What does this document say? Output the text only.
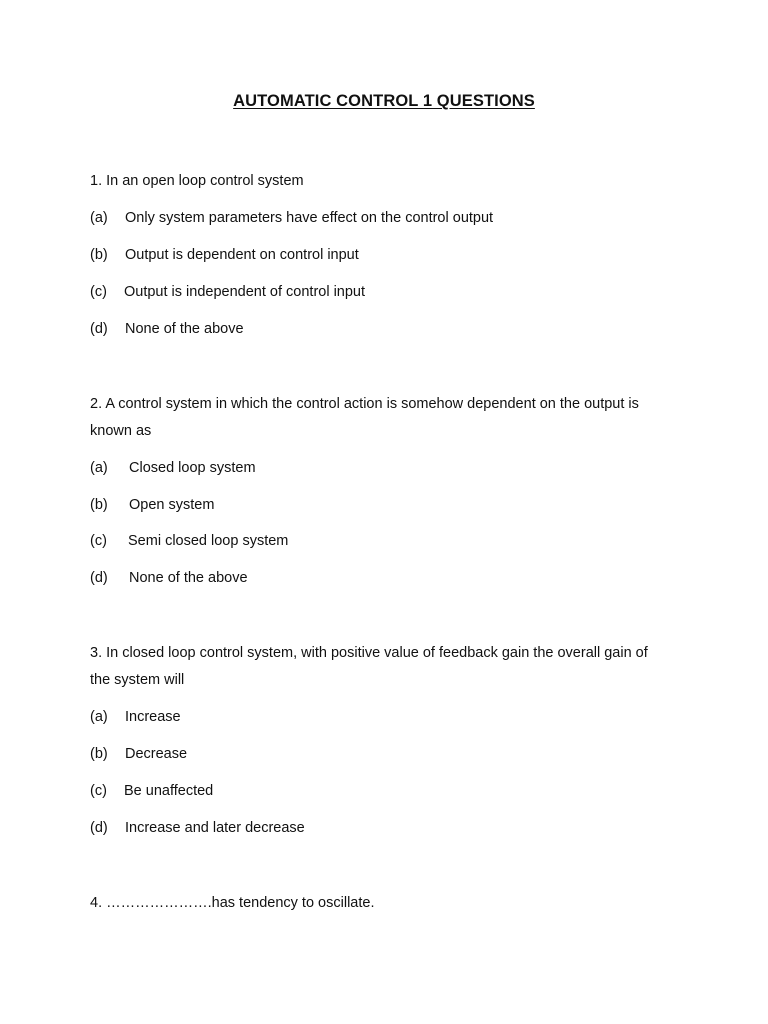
AUTOMATIC CONTROL 1 QUESTIONS
1. In an open loop control system
(a) Only system parameters have effect on the control output
(b) Output is dependent on control input
(c) Output is independent of control input
(d) None of the above
2. A control system in which the control action is somehow dependent on the output is
known as
(a) Closed loop system
(b) Open system
(c) Semi closed loop system
(d) None of the above
3. In closed loop control system, with positive value of feedback gain the overall gain of
the system will
(a) Increase
(b) Decrease
(c) Be unaffected
(d) Increase and later decrease
4. ………………….has tendency to oscillate.
